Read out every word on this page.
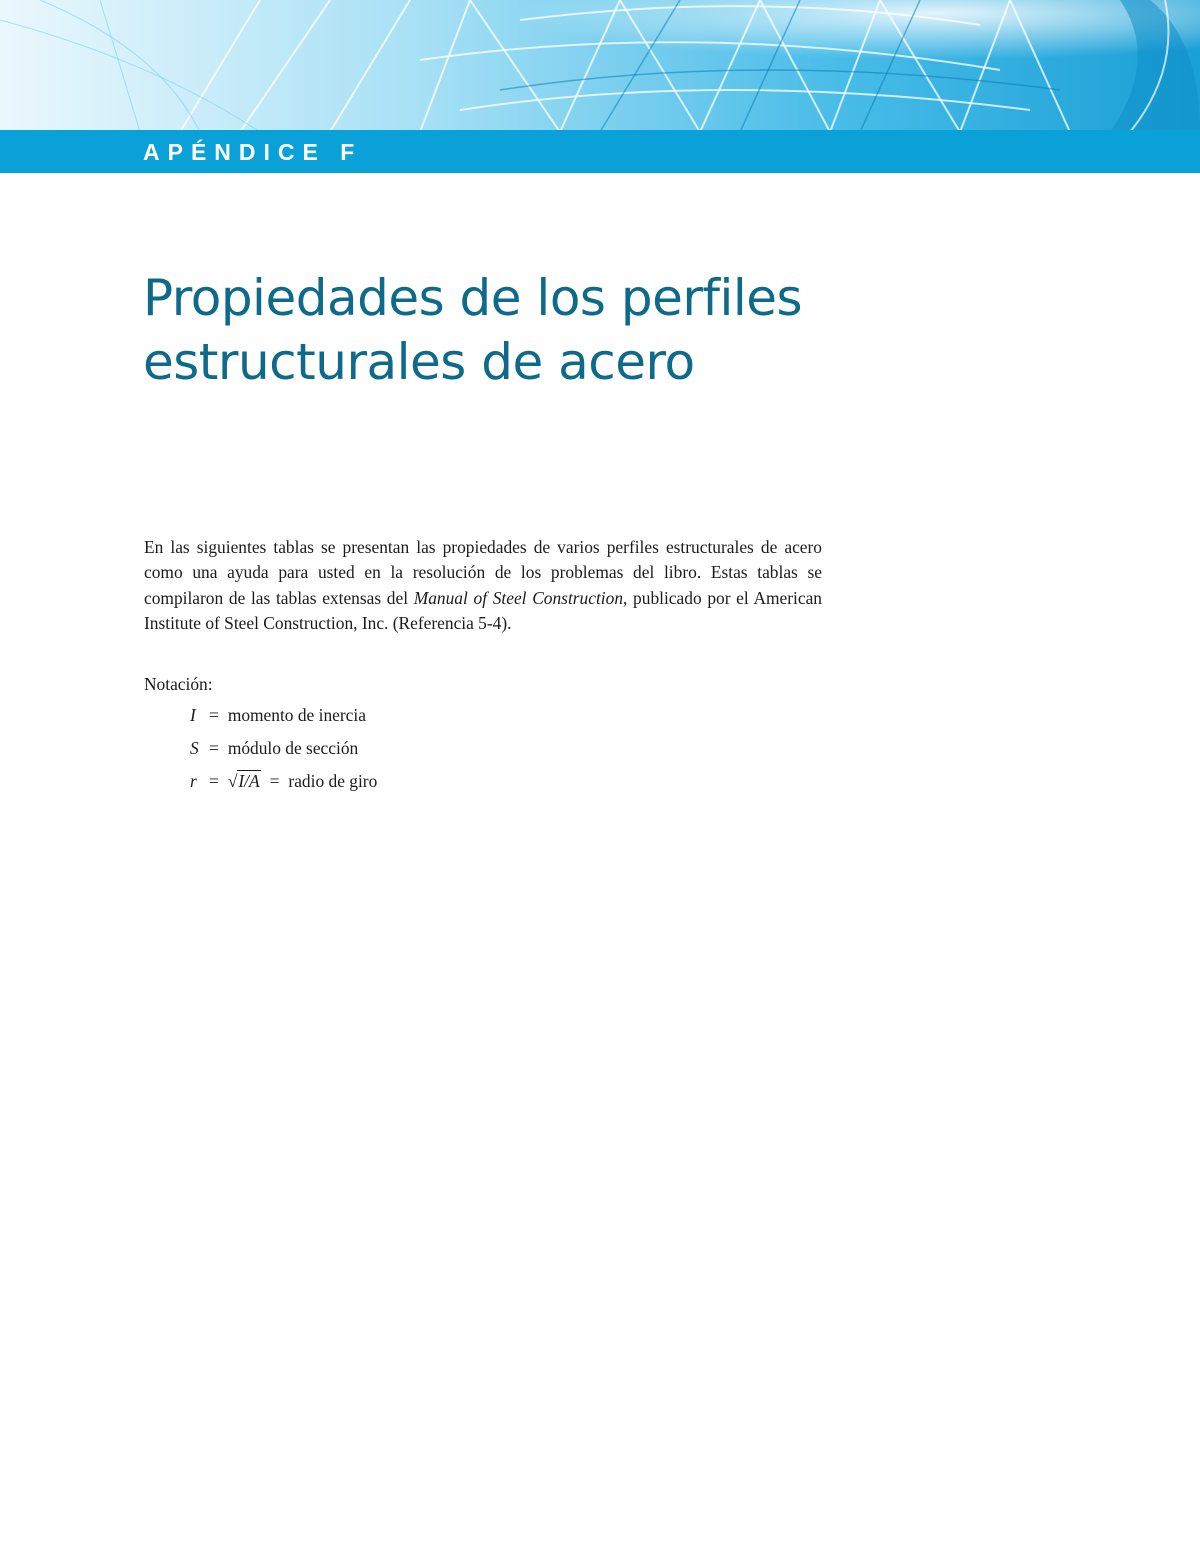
APÉNDICE F
Propiedades de los perfiles
estructurales de acero

En las siguientes tablas se presentan las propiedades de varios perfiles estructurales de acero como una ayuda para usted en la resolución de los problemas del libro. Estas tablas se compilaron de las tablas extensas del Manual of Steel Construction, publicado por el American Institute of Steel Construction, Inc. (Referencia 5-4).

Notación:

I = momento de inercia
S = módulo de sección
r = √I/A = radio de giro
